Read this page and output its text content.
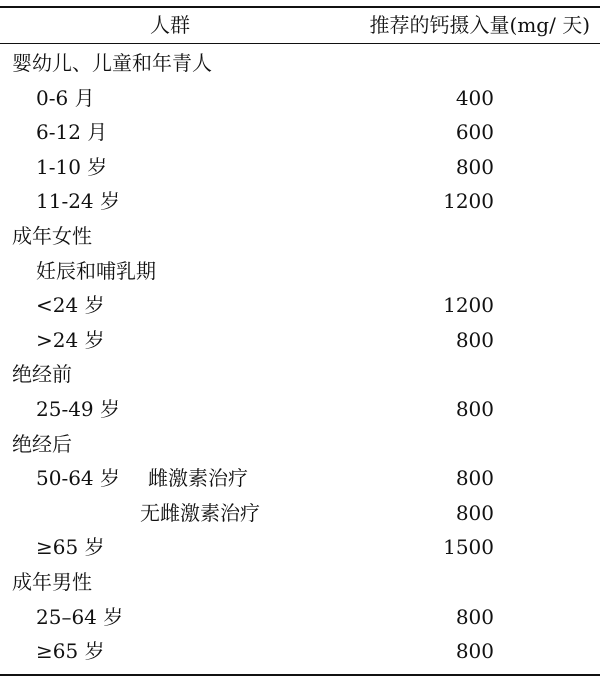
人群	推荐的钙摄入量(mg/ 天)
婴幼儿、儿童和年青人
0-6 月	400
6-12 月	600
1-10 岁	800
11-24 岁	1200
成年女性
妊辰和哺乳期
<24 岁	1200
>24 岁	800
绝经前
25-49 岁	800
绝经后
50-64 岁 雌激素治疗	800
无雌激素治疗	800
≥65 岁	1500
成年男性
25–64 岁	800
≥65 岁	800
